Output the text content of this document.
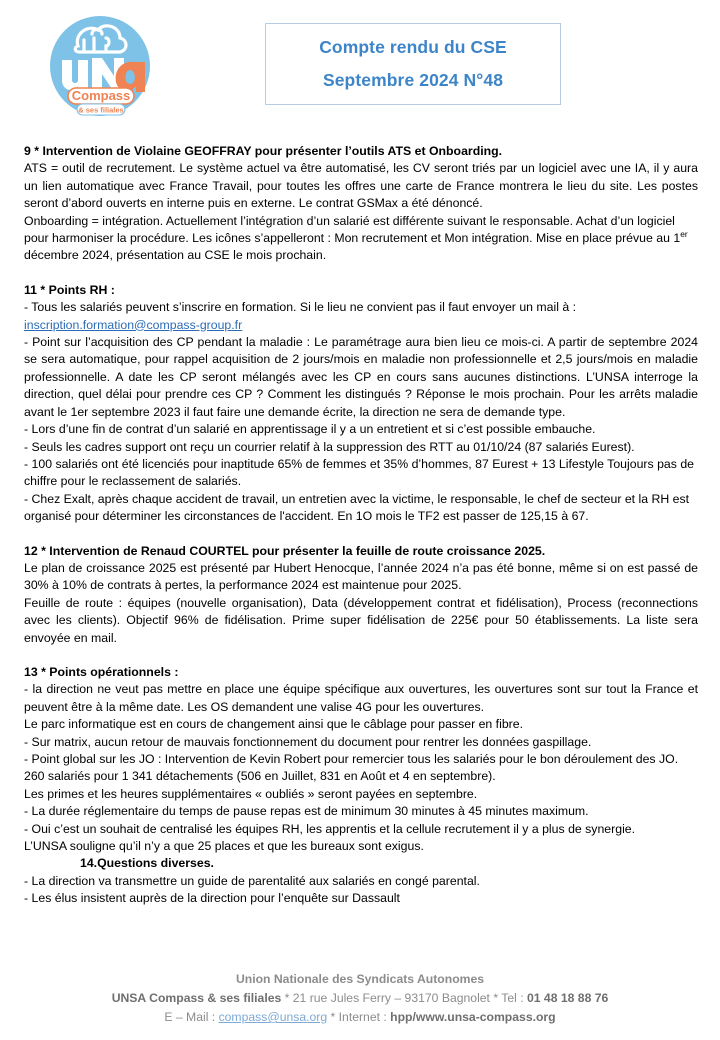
Compass
& ses filiales
Compte rendu du CSE
Septembre 2024 N°48

9 * Intervention de Violaine GEOFFRAY pour présenter l’outils ATS et Onboarding.

ATS = outil de recrutement. Le système actuel va être automatisé, les CV seront triés par un logiciel avec une IA, il y aura un lien automatique avec France Travail, pour toutes les offres une carte de France montrera le lieu du site. Les postes seront d’abord ouverts en interne puis en externe. Le contrat GSMax a été dénoncé.

Onboarding = intégration. Actuellement l’intégration d’un salarié est différente suivant le responsable. Achat d’un logiciel pour harmoniser la procédure. Les icônes s’appelleront : Mon recrutement et Mon intégration. Mise en place prévue au 1er décembre 2024, présentation au CSE le mois prochain.

11 * Points RH :

- Tous les salariés peuvent s’inscrire en formation. Si le lieu ne convient pas il faut envoyer un mail à :

inscription.formation@compass-group.fr

- Point sur l’acquisition des CP pendant la maladie : Le paramétrage aura bien lieu ce mois-ci. A partir de septembre 2024 se sera automatique, pour rappel acquisition de 2 jours/mois en maladie non professionnelle et 2,5 jours/mois en maladie professionnelle. A date les CP seront mélangés avec les CP en cours sans aucunes distinctions. L’UNSA interroge la direction, quel délai pour prendre ces CP ? Comment les distingués ? Réponse le mois prochain. Pour les arrêts maladie avant le 1er septembre 2023 il faut faire une demande écrite, la direction ne sera de demande type.

- Lors d’une fin de contrat d’un salarié en apprentissage il y a un entretient et si c’est possible embauche.

- Seuls les cadres support ont reçu un courrier relatif à la suppression des RTT au 01/10/24 (87 salariés Eurest).

- 100 salariés ont été licenciés pour inaptitude 65% de femmes et 35% d’hommes, 87 Eurest + 13 Lifestyle Toujours pas de chiffre pour le reclassement de salariés.

- Chez Exalt, après chaque accident de travail, un entretien avec la victime, le responsable, le chef de secteur et la RH est organisé pour déterminer les circonstances de l'accident. En 1O mois le TF2 est passer de 125,15 à 67.

12 * Intervention de Renaud COURTEL pour présenter la feuille de route croissance 2025.

Le plan de croissance 2025 est présenté par Hubert Henocque, l’année 2024 n’a pas été bonne, même si on est passé de 30% à 10% de contrats à pertes, la performance 2024 est maintenue pour 2025.

Feuille de route : équipes (nouvelle organisation), Data (développement contrat et fidélisation), Process (reconnections avec les clients). Objectif 96% de fidélisation. Prime super fidélisation de 225€ pour 50 établissements. La liste sera envoyée en mail.

13 * Points opérationnels :

- la direction ne veut pas mettre en place une équipe spécifique aux ouvertures, les ouvertures sont sur tout la France et peuvent être à la même date. Les OS demandent une valise 4G pour les ouvertures.

Le parc informatique est en cours de changement ainsi que le câblage pour passer en fibre.

- Sur matrix, aucun retour de mauvais fonctionnement du document pour rentrer les données gaspillage.

- Point global sur les JO : Intervention de Kevin Robert pour remercier tous les salariés pour le bon déroulement des JO. 260 salariés pour 1 341 détachements (506 en Juillet, 831 en Août et 4 en septembre).

Les primes et les heures supplémentaires « oubliés » seront payées en septembre.

- La durée réglementaire du temps de pause repas est de minimum 30 minutes à 45 minutes maximum.

- Oui c’est un souhait de centralisé les équipes RH, les apprentis et la cellule recrutement il y a plus de synergie.

L’UNSA souligne qu’il n’y a que 25 places et que les bureaux sont exigus.

14.Questions diverses.

- La direction va transmettre un guide de parentalité aux salariés en congé parental.

- Les élus insistent auprès de la direction pour l’enquête sur Dassault

Union Nationale des Syndicats Autonomes
UNSA Compass & ses filiales * 21 rue Jules Ferry – 93170 Bagnolet * Tel : 01 48 18 88 76
E – Mail : compass@unsa.org * Internet : hpp/www.unsa-compass.org
